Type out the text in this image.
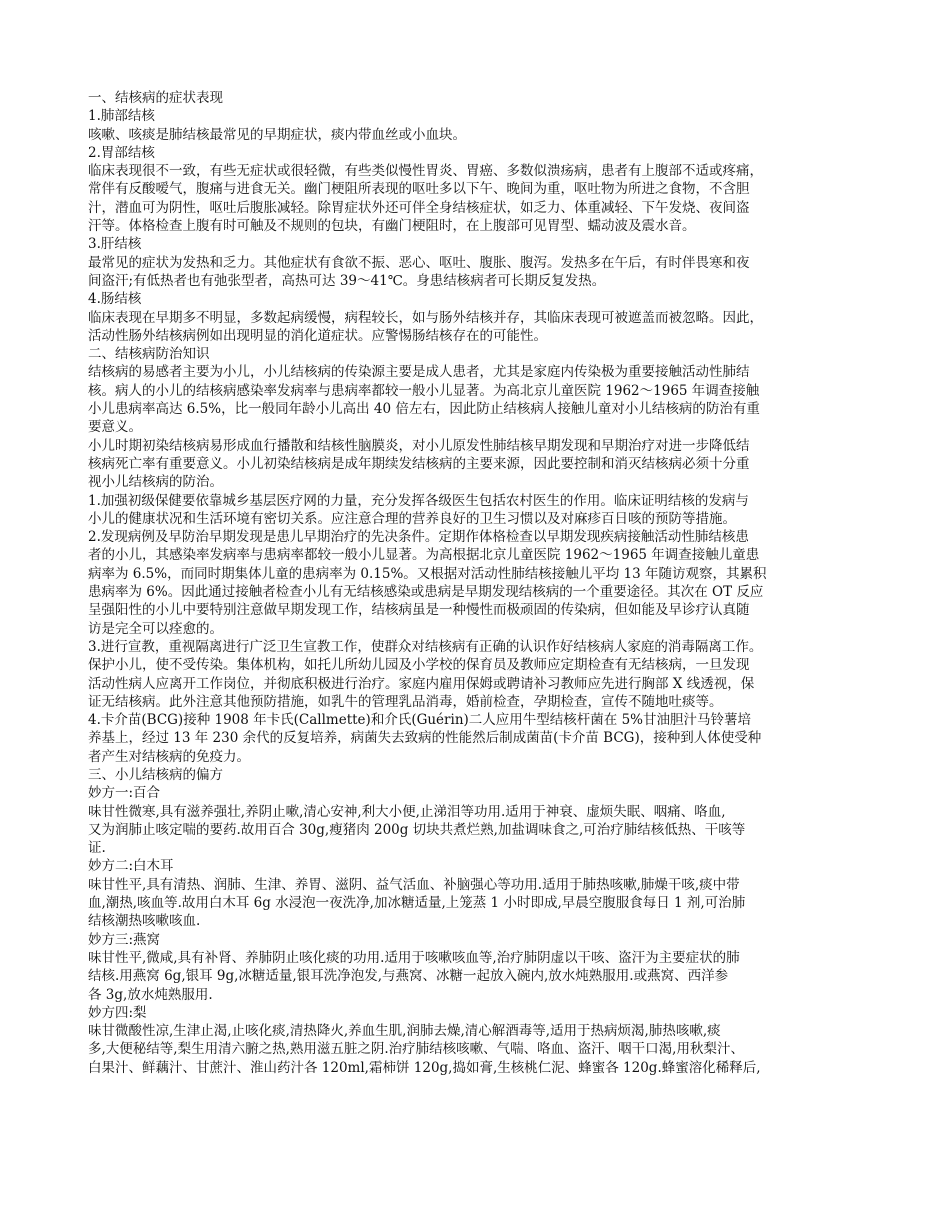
一、结核病的症状表现

1.肺部结核

咳嗽、咳痰是肺结核最常见的早期症状，痰内带血丝或小血块。

2.胃部结核

临床表现很不一致，有些无症状或很轻微，有些类似慢性胃炎、胃癌、多数似溃疡病，患者有上腹部不适或疼痛，

常伴有反酸嗳气，腹痛与进食无关。幽门梗阻所表现的呕吐多以下午、晚间为重，呕吐物为所进之食物，不含胆

汁，潜血可为阴性，呕吐后腹胀减轻。除胃症状外还可伴全身结核症状，如乏力、体重减轻、下午发烧、夜间盗

汗等。体格检查上腹有时可触及不规则的包块，有幽门梗阻时，在上腹部可见胃型、蠕动波及震水音。

3.肝结核

最常见的症状为发热和乏力。其他症状有食欲不振、恶心、呕吐、腹胀、腹泻。发热多在午后，有时伴畏寒和夜

间盗汗;有低热者也有弛张型者，高热可达 39～41℃。身患结核病者可长期反复发热。

4.肠结核

临床表现在早期多不明显，多数起病缓慢，病程较长，如与肠外结核并存，其临床表现可被遮盖而被忽略。因此，

活动性肠外结核病例如出现明显的消化道症状。应警惕肠结核存在的可能性。

二、结核病防治知识

结核病的易感者主要为小儿，小儿结核病的传染源主要是成人患者，尤其是家庭内传染极为重要接触活动性肺结

核。病人的小儿的结核病感染率发病率与患病率都较一般小儿显著。为高北京儿童医院 1962～1965 年调查接触

小儿患病率高达 6.5%，比一般同年龄小儿高出 40 倍左右，因此防止结核病人接触儿童对小儿结核病的防治有重

要意义。

小儿时期初染结核病易形成血行播散和结核性脑膜炎，对小儿原发性肺结核早期发现和早期治疗对进一步降低结

核病死亡率有重要意义。小儿初染结核病是成年期续发结核病的主要来源，因此要控制和消灭结核病必须十分重

视小儿结核病的防治。

1.加强初级保健要依靠城乡基层医疗网的力量，充分发挥各级医生包括农村医生的作用。临床证明结核的发病与

小儿的健康状况和生活环境有密切关系。应注意合理的营养良好的卫生习惯以及对麻疹百日咳的预防等措施。

2.发现病例及早防治早期发现是患儿早期治疗的先决条件。定期作体格检查以早期发现疾病接触活动性肺结核患

者的小儿，其感染率发病率与患病率都较一般小儿显著。为高根据北京儿童医院 1962～1965 年调查接触儿童患

病率为 6.5%，而同时期集体儿童的患病率为 0.15%。又根据对活动性肺结核接触儿平均 13 年随访观察，其累积

患病率为 6%。因此通过接触者检查小儿有无结核感染或患病是早期发现结核病的一个重要途径。其次在 OT 反应

呈强阳性的小儿中要特别注意做早期发现工作，结核病虽是一种慢性而极顽固的传染病，但如能及早诊疗认真随

访是完全可以痊愈的。

3.进行宣教，重视隔离进行广泛卫生宣教工作，使群众对结核病有正确的认识作好结核病人家庭的消毒隔离工作。

保护小儿，使不受传染。集体机构，如托儿所幼儿园及小学校的保育员及教师应定期检查有无结核病，一旦发现

活动性病人应离开工作岗位，并彻底积极进行治疗。家庭内雇用保姆或聘请补习教师应先进行胸部 X 线透视，保

证无结核病。此外注意其他预防措施，如乳牛的管理乳品消毒，婚前检查，孕期检查，宣传不随地吐痰等。

4.卡介苗(BCG)接种 1908 年卡氏(Callmette)和介氏(Guérin)二人应用牛型结核杆菌在 5%甘油胆汁马铃薯培

养基上，经过 13 年 230 余代的反复培养，病菌失去致病的性能然后制成菌苗(卡介苗 BCG)，接种到人体使受种

者产生对结核病的免疫力。

三、小儿结核病的偏方

妙方一:百合

味甘性微寒,具有滋养强壮,养阴止嗽,清心安神,利大小便,止涕泪等功用.适用于神衰、虚烦失眠、咽痛、咯血,

又为润肺止咳定喘的要药.故用百合 30g,瘦猪肉 200g 切块共煮烂熟,加盐调味食之,可治疗肺结核低热、干咳等

证.

妙方二:白木耳

味甘性平,具有清热、润肺、生津、养胃、滋阴、益气活血、补脑强心等功用.适用于肺热咳嗽,肺燥干咳,痰中带

血,潮热,咳血等.故用白木耳 6g 水浸泡一夜洗净,加冰糖适量,上笼蒸 1 小时即成,早晨空腹服食每日 1 剂,可治肺

结核潮热咳嗽咳血.

妙方三:燕窝

味甘性平,微咸,具有补肾、养肺阴止咳化痰的功用.适用于咳嗽咳血等,治疗肺阴虚以干咳、盗汗为主要症状的肺

结核.用燕窝 6g,银耳 9g,冰糖适量,银耳洗净泡发,与燕窝、冰糖一起放入碗内,放水炖熟服用.或燕窝、西洋参

各 3g,放水炖熟服用.

妙方四:梨

味甘微酸性凉,生津止渴,止咳化痰,清热降火,养血生肌,润肺去燥,清心解酒毒等,适用于热病烦渴,肺热咳嗽,痰

多,大便秘结等,梨生用清六腑之热,熟用滋五脏之阴.治疗肺结核咳嗽、气喘、咯血、盗汗、咽干口渴,用秋梨汁、

白果汁、鲜藕汁、甘蔗汁、淮山药汁各 120ml,霜柿饼 120g,捣如膏,生核桃仁泥、蜂蜜各 120g.蜂蜜溶化稀释后,
